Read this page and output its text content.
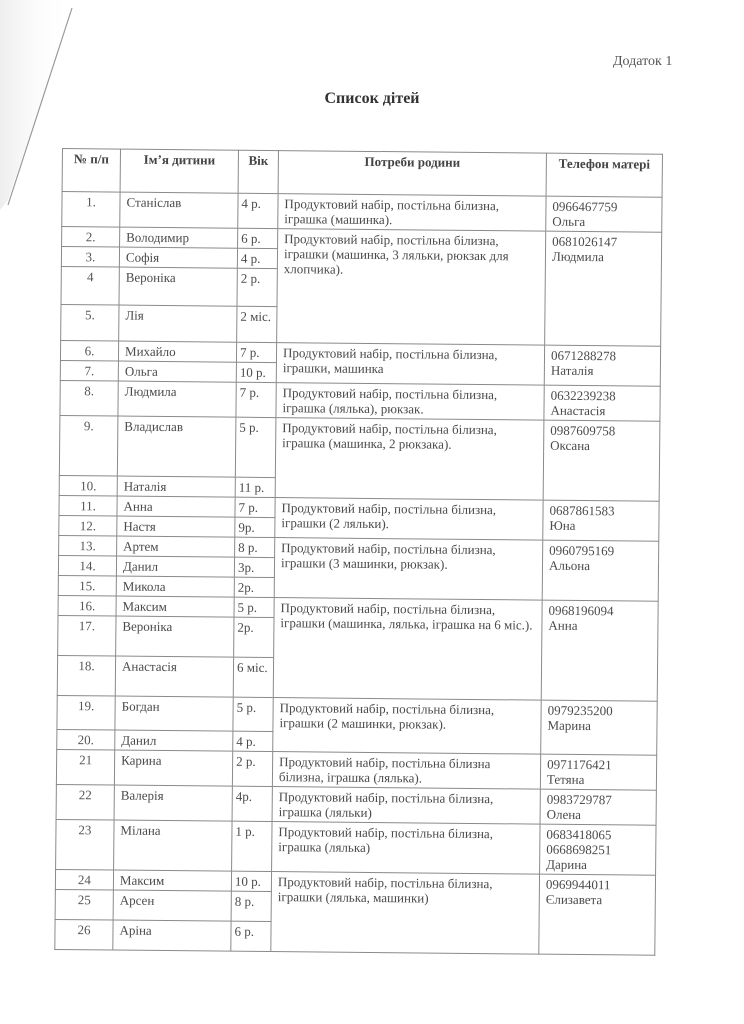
Додаток 1
Список дітей
№ п/п	Ім’я дитини	Вік	Потреби родини	Телефон матері
1.	Станіслав	4 р.	Продуктовий набір, постільна білизна, іграшка (машинка).	0966467759
Ольга

2.	Володимир	6 р.	Продуктовий набір, постільна білизна, іграшки (машинка, 3 ляльки, рюкзак для хлопчика).	0681026147
Людмила

3.	Софія	4 р.		
4	Вероніка	2 р.		
5.	Лія	2 міс.		
6.	Михайло	7 р.	Продуктовий набір, постільна білизна, іграшки, машинка	0671288278
Наталія

7.	Ольга	10 р.		
8.	Людмила	7 р.	Продуктовий набір, постільна білизна, іграшка (лялька), рюкзак.	0632239238
Анастасія

9.	Владислав	5 р.	Продуктовий набір, постільна білизна, іграшка (машинка, 2 рюкзака).	0987609758
Оксана

10.	Наталія	11 р.		
11.	Анна	7 р.	Продуктовий набір, постільна білизна, іграшки (2 ляльки).	0687861583
Юна

12.	Настя	9р.		
13.	Артем	8 р.	Продуктовий набір, постільна білизна, іграшки (3 машинки, рюкзак).	0960795169
Альона

14.	Данил	3р.		
15.	Микола	2р.		
16.	Максим	5 р.	Продуктовий набір, постільна білизна, іграшки (машинка, лялька, іграшка на 6 міс.).	0968196094
Анна

17.	Вероніка	2р.		
18.	Анастасія	6 міс.		
19.	Богдан	5 р.	Продуктовий набір, постільна білизна, іграшки (2 машинки, рюкзак).	0979235200
Марина

20.	Данил	4 р.		
21	Карина	2 р.	Продуктовий набір, постільна білизна білизна, іграшка (лялька).	0971176421
Тетяна

22	Валерія	4р.	Продуктовий набір, постільна білизна, іграшка (ляльки)	0983729787
Олена

23	Мілана	1 р.	Продуктовий набір, постільна білизна, іграшка (лялька)	0683418065 0668698251
Дарина

24	Максим	10 р.	Продуктовий набір, постільна білизна, іграшки (лялька, машинки)	0969944011
Єлизавета

25	Арсен	8 р.		
26	Аріна	6 р.		
